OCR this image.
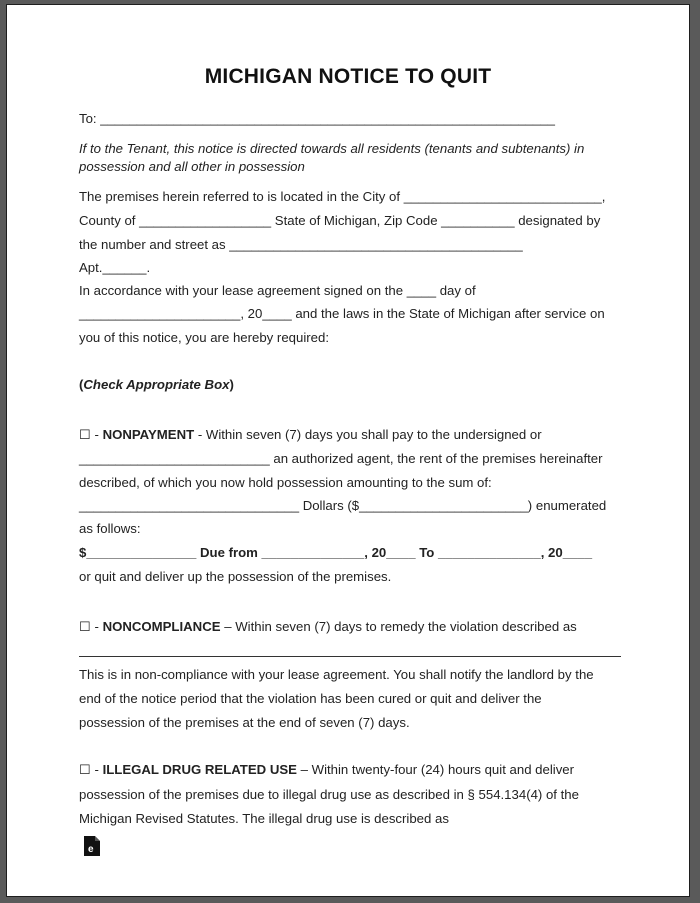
MICHIGAN NOTICE TO QUIT
To: ______________________________________________________________
If to the Tenant, this notice is directed towards all residents (tenants and subtenants) in
possession and all other in possession
The premises herein referred to is located in the City of ___________________________,
County of __________________ State of Michigan, Zip Code __________ designated by
the number and street as ________________________________________
Apt.______.
In accordance with your lease agreement signed on the ____ day of
______________________, 20____ and the laws in the State of Michigan after service on
you of this notice, you are hereby required:
(Check Appropriate Box)
☐ - NONPAYMENT - Within seven (7) days you shall pay to the undersigned or
__________________________ an authorized agent, the rent of the premises hereinafter
described, of which you now hold possession amounting to the sum of:
______________________________ Dollars ($_______________________) enumerated
as follows:
$_______________ Due from ______________, 20____ To ______________, 20____
or quit and deliver up the possession of the premises.
☐ - NONCOMPLIANCE – Within seven (7) days to remedy the violation described as
This is in non-compliance with your lease agreement. You shall notify the landlord by the
end of the notice period that the violation has been cured or quit and deliver the
possession of the premises at the end of seven (7) days.
☐ - ILLEGAL DRUG RELATED USE – Within twenty-four (24) hours quit and deliver
possession of the premises due to illegal drug use as described in § 554.134(4) of the
Michigan Revised Statutes. The illegal drug use is described as
e
